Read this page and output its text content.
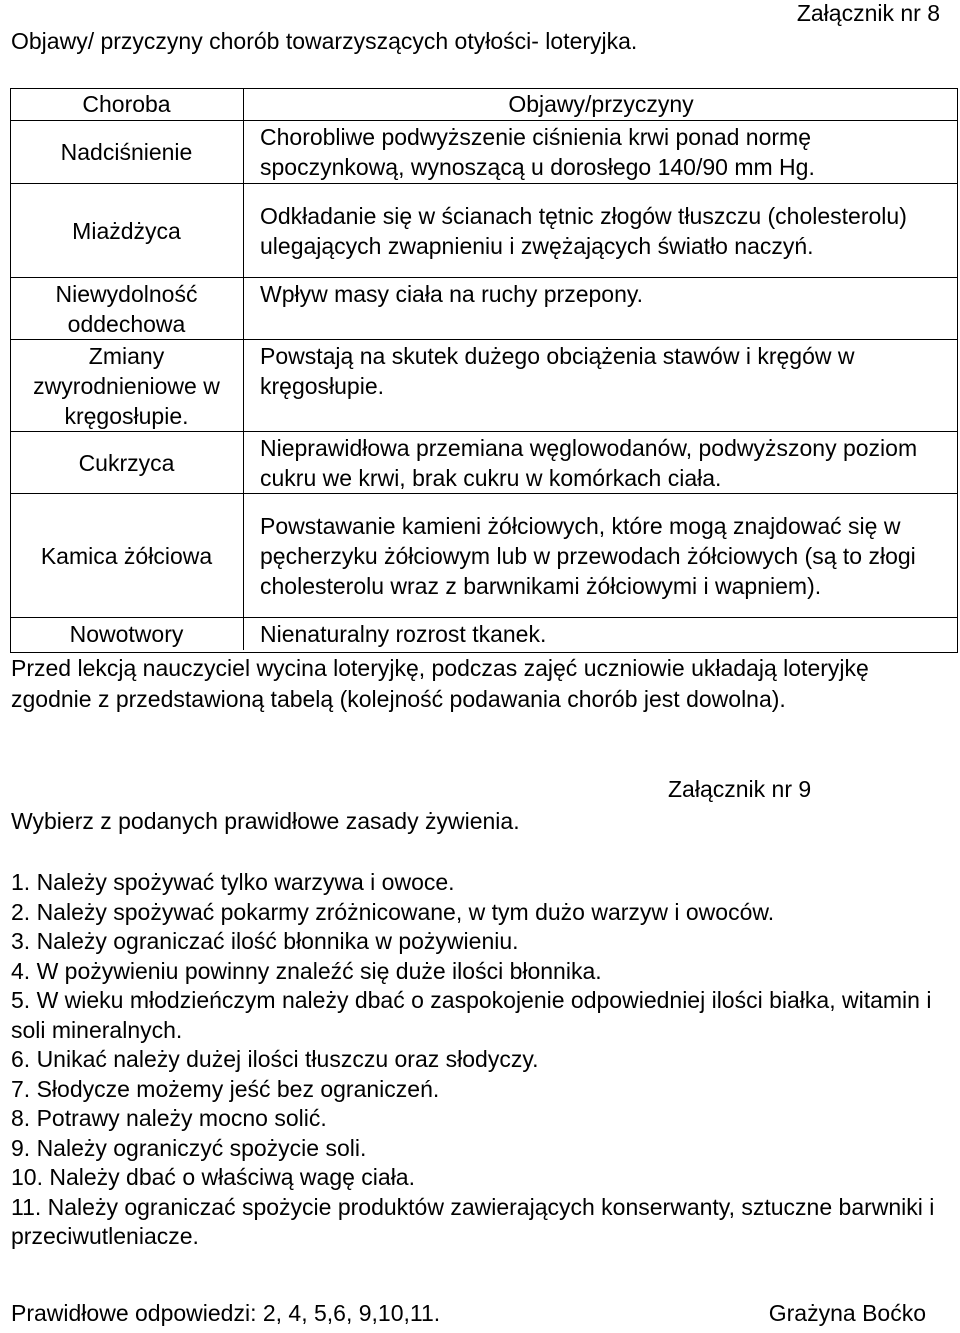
Załącznik nr 8
Objawy/ przyczyny chorób towarzyszących otyłości- loteryjka.
Choroba	Objawy/przyczyny
Nadciśnienie	Chorobliwe podwyższenie ciśnienia krwi ponad normę spoczynkową, wynoszącą u dorosłego 140/90 mm Hg.
Miażdżyca	Odkładanie się w ścianach tętnic złogów tłuszczu (cholesterolu) ulegających zwapnieniu i zwężających światło naczyń.
Niewydolność oddechowa	Wpływ masy ciała na ruchy przepony.
Zmiany zwyrodnieniowe w kręgosłupie.	Powstają na skutek dużego obciążenia stawów i kręgów w kręgosłupie.
Cukrzyca	Nieprawidłowa przemiana węglowodanów, podwyższony poziom cukru we krwi, brak cukru w komórkach ciała.
Kamica żółciowa	Powstawanie kamieni żółciowych, które mogą znajdować się w pęcherzyku żółciowym lub w przewodach żółciowych (są to złogi cholesterolu wraz z barwnikami żółciowymi i wapniem).
Nowotwory	Nienaturalny rozrost tkanek.
Przed lekcją nauczyciel wycina loteryjkę, podczas zajęć uczniowie układają loteryjkę zgodnie z przedstawioną tabelą (kolejność podawania chorób jest dowolna).
Załącznik nr 9
Wybierz z podanych prawidłowe zasady żywienia.
1. Należy spożywać tylko warzywa i owoce.
2. Należy spożywać pokarmy zróżnicowane, w tym dużo warzyw i owoców.
3. Należy ograniczać ilość błonnika w pożywieniu.
4. W pożywieniu powinny znaleźć się duże ilości błonnika.
5. W wieku młodzieńczym należy dbać o zaspokojenie odpowiedniej ilości białka, witamin i soli mineralnych.
6. Unikać należy dużej ilości tłuszczu oraz słodyczy.
7. Słodycze możemy jeść bez ograniczeń.
8. Potrawy należy mocno solić.
9. Należy ograniczyć spożycie soli.
10. Należy dbać o właściwą wagę ciała.
11. Należy ograniczać spożycie produktów zawierających konserwanty, sztuczne barwniki i przeciwutleniacze.
Prawidłowe odpowiedzi: 2, 4, 5,6, 9,10,11.	Grażyna Boćko
